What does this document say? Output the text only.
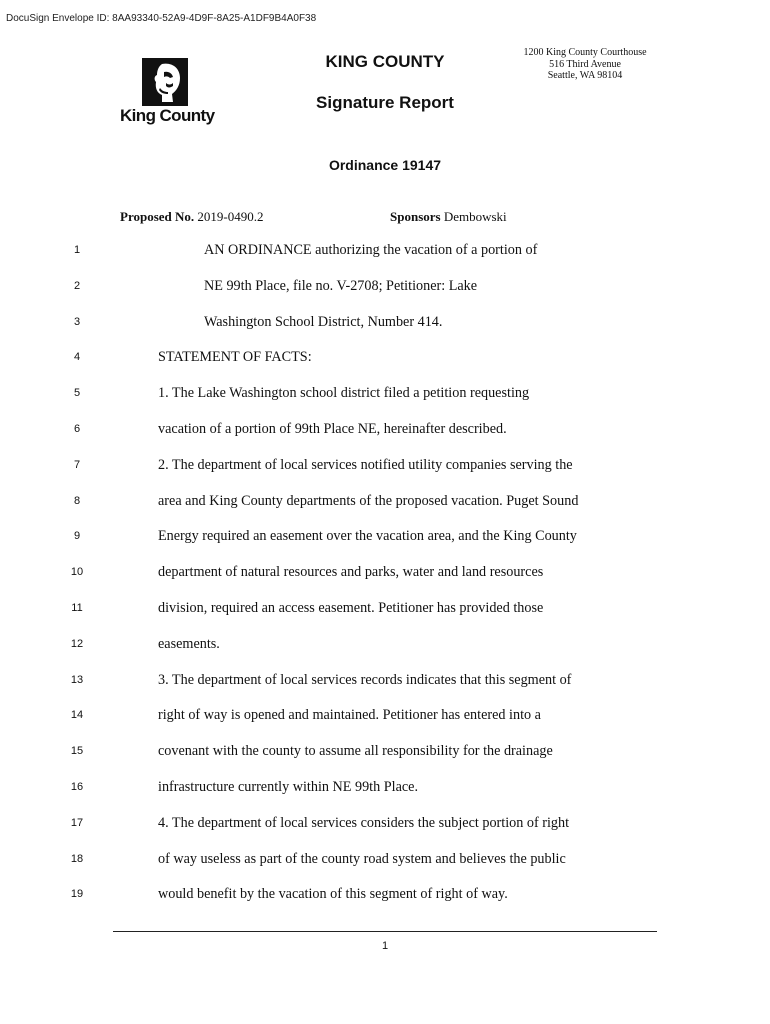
DocuSign Envelope ID: 8AA93340-52A9-4D9F-8A25-A1DF9B4A0F38
King County
KING COUNTY	1200 King County Courthouse
516 Third Avenue
Seattle, WA 98104
Signature Report
Ordinance 19147
Proposed No. 2019-0490.2	Sponsors Dembowski
1	AN ORDINANCE authorizing the vacation of a portion of
2	NE 99th Place, file no. V-2708; Petitioner: Lake
3	Washington School District, Number 414.
4	STATEMENT OF FACTS:
5	1. The Lake Washington school district filed a petition requesting
6	vacation of a portion of 99th Place NE, hereinafter described.
7	2. The department of local services notified utility companies serving the
8	area and King County departments of the proposed vacation. Puget Sound
9	Energy required an easement over the vacation area, and the King County
10	department of natural resources and parks, water and land resources
11	division, required an access easement. Petitioner has provided those
12	easements.
13	3. The department of local services records indicates that this segment of
14	right of way is opened and maintained. Petitioner has entered into a
15	covenant with the county to assume all responsibility for the drainage
16	infrastructure currently within NE 99th Place.
17	4. The department of local services considers the subject portion of right
18	of way useless as part of the county road system and believes the public
19	would benefit by the vacation of this segment of right of way.
1
